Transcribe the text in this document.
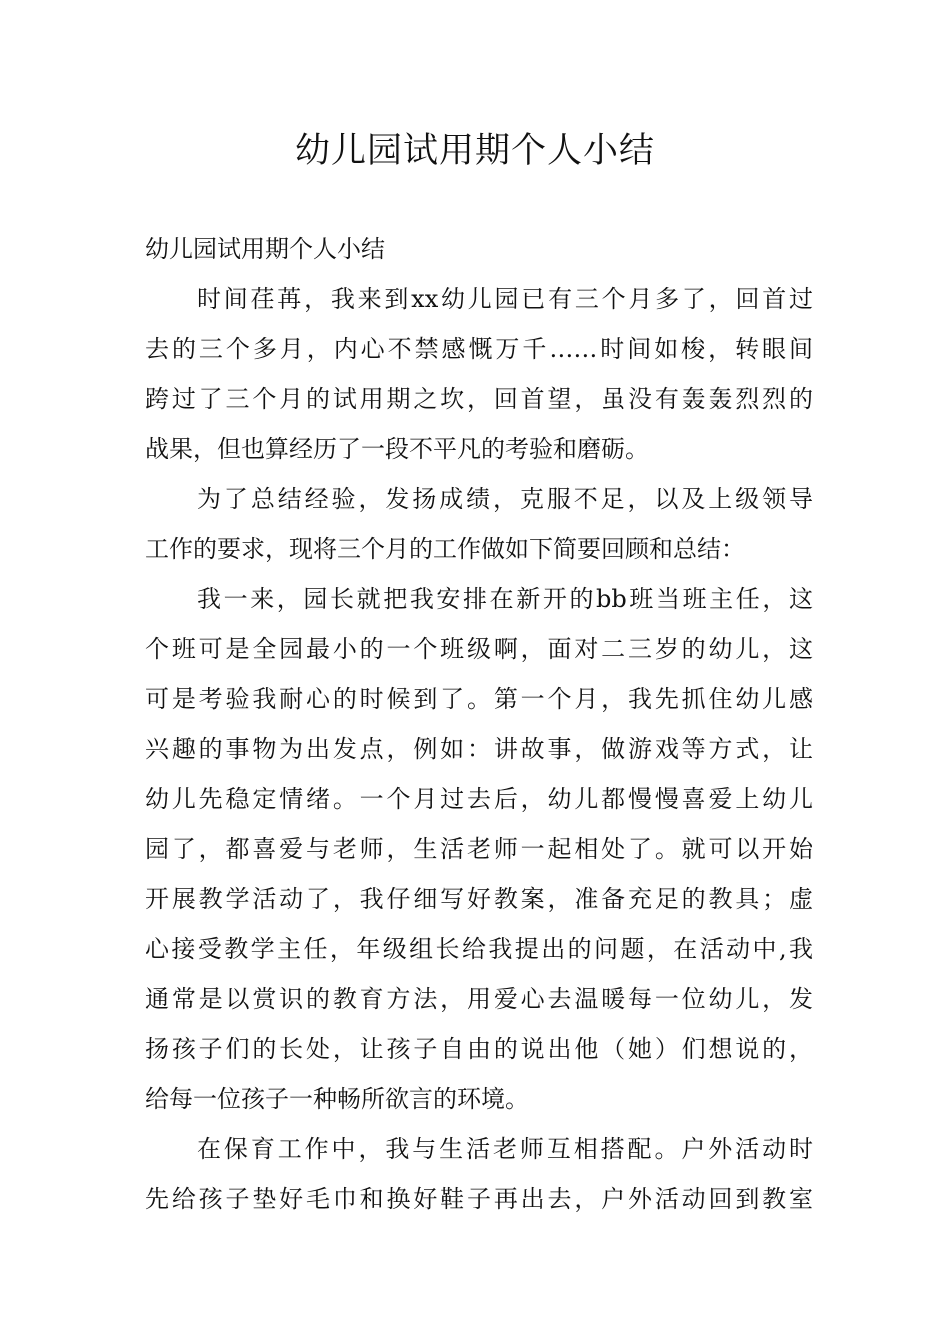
幼儿园试用期个人小结
幼儿园试用期个人小结

时间荏苒，我来到xx幼儿园已有三个月多了，回首过
去的三个多月，内心不禁感慨万千……时间如梭，转眼间
跨过了三个月的试用期之坎，回首望，虽没有轰轰烈烈的
战果，但也算经历了一段不平凡的考验和磨砺。

为了总结经验，发扬成绩，克服不足，以及上级领导
工作的要求，现将三个月的工作做如下简要回顾和总结：

我一来，园长就把我安排在新开的bb班当班主任，这
个班可是全园最小的一个班级啊，面对二三岁的幼儿，这
可是考验我耐心的时候到了。第一个月，我先抓住幼儿感
兴趣的事物为出发点，例如：讲故事，做游戏等方式，让
幼儿先稳定情绪。一个月过去后，幼儿都慢慢喜爱上幼儿
园了，都喜爱与老师，生活老师一起相处了。就可以开始
开展教学活动了，我仔细写好教案，准备充足的教具；虚
心接受教学主任，年级组长给我提出的问题，在活动中,我
通常是以赏识的教育方法，用爱心去温暖每一位幼儿，发
扬孩子们的长处，让孩子自由的说出他（她）们想说的，
给每一位孩子一种畅所欲言的环境。

在保育工作中，我与生活老师互相搭配。户外活动时
先给孩子垫好毛巾和换好鞋子再出去，户外活动回到教室
